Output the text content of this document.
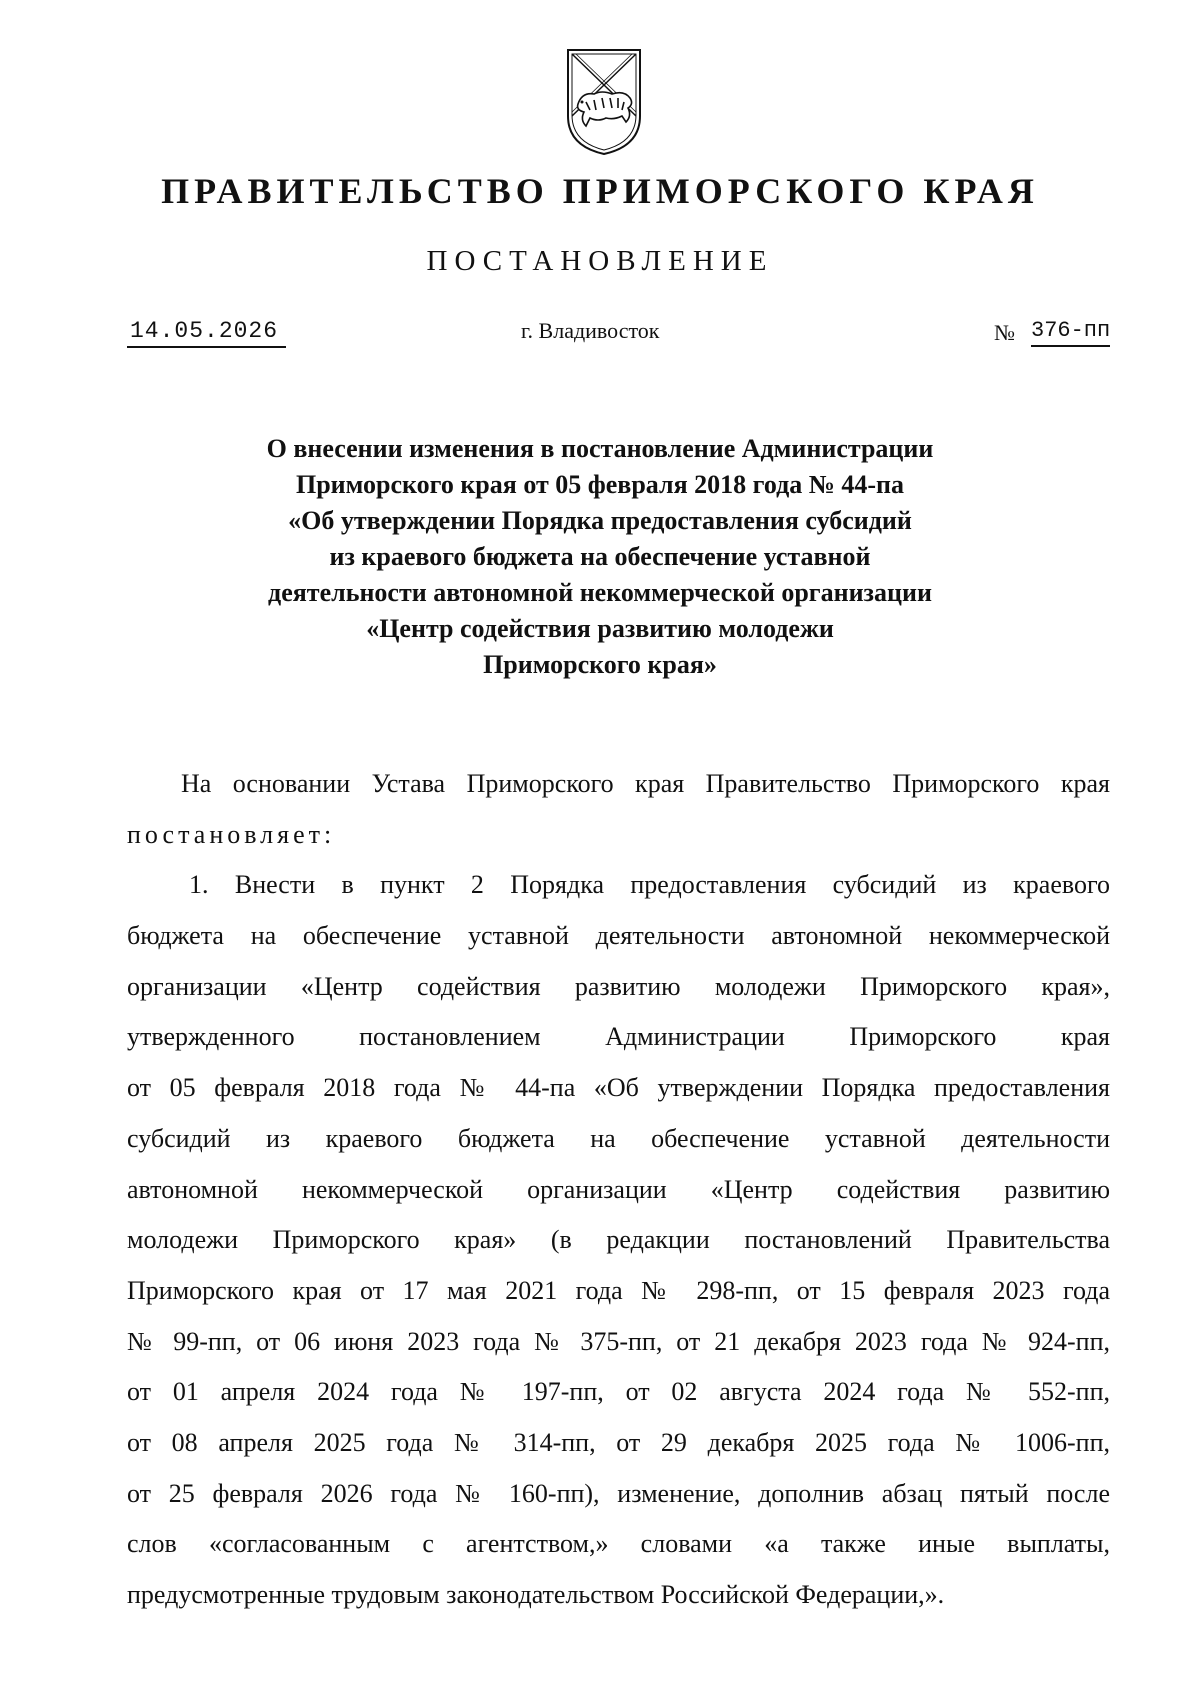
ПРАВИТЕЛЬСТВО ПРИМОРСКОГО КРАЯ
ПОСТАНОВЛЕНИЕ
14.05.2026	г. Владивосток	№ 376-пп
О внесении изменения в постановление Администрации
Приморского края от 05 февраля 2018 года № 44-па
«Об утверждении Порядка предоставления субсидий
из краевого бюджета на обеспечение уставной
деятельности автономной некоммерческой организации
«Центр содействия развитию молодежи
Приморского края»
На основании Устава Приморского края Правительство Приморского края
постановляет:
1. Внести в пункт 2 Порядка предоставления субсидий из краевого
бюджета на обеспечение уставной деятельности автономной некоммерческой
организации «Центр содействия развитию молодежи Приморского края»,
утвержденного постановлением Администрации Приморского края
от 05 февраля 2018 года № 44-па «Об утверждении Порядка предоставления
субсидий из краевого бюджета на обеспечение уставной деятельности
автономной некоммерческой организации «Центр содействия развитию
молодежи Приморского края» (в редакции постановлений Правительства
Приморского края от 17 мая 2021 года № 298-пп, от 15 февраля 2023 года
№ 99-пп, от 06 июня 2023 года № 375-пп, от 21 декабря 2023 года № 924-пп,
от 01 апреля 2024 года № 197-пп, от 02 августа 2024 года № 552-пп,
от 08 апреля 2025 года № 314-пп, от 29 декабря 2025 года № 1006-пп,
от 25 февраля 2026 года № 160-пп), изменение, дополнив абзац пятый после
слов «согласованным с агентством,» словами «а также иные выплаты,
предусмотренные трудовым законодательством Российской Федерации,».
